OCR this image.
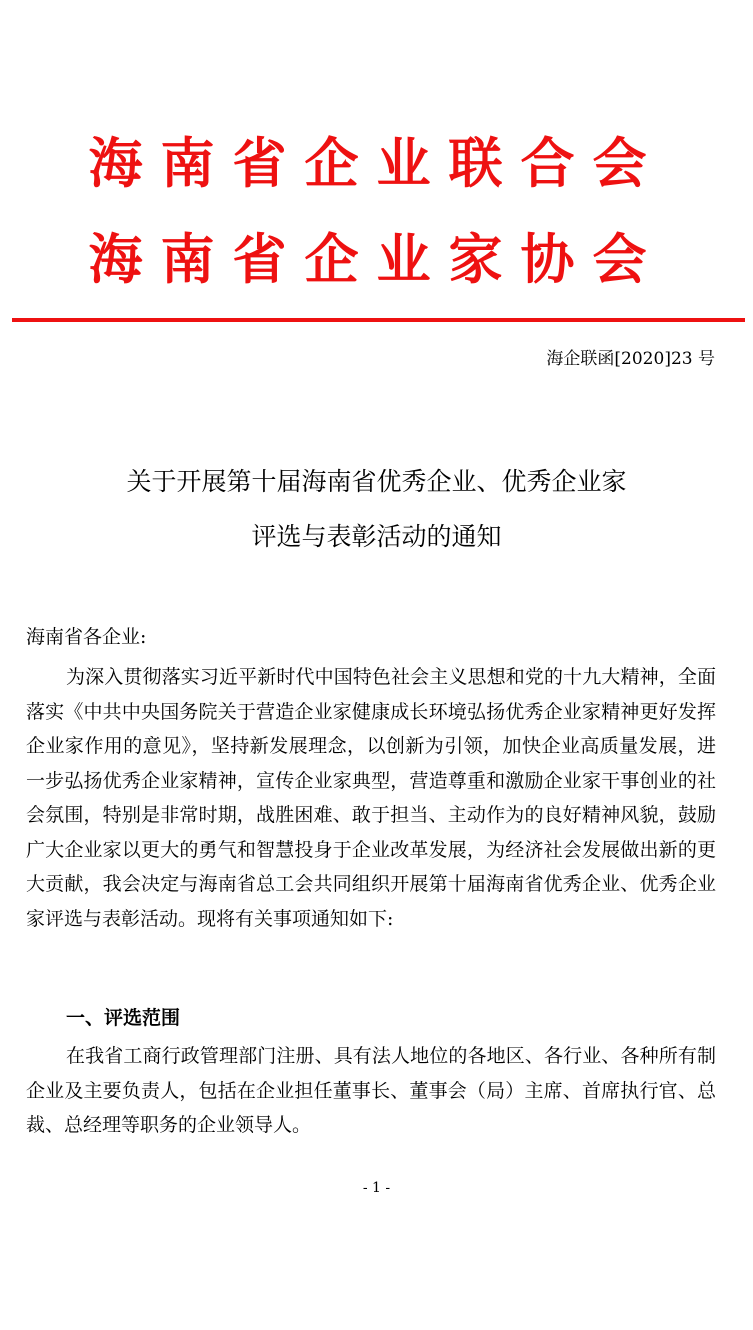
海南省企业联合会
海南省企业家协会
海企联函[2020]23 号
关于开展第十届海南省优秀企业、优秀企业家
评选与表彰活动的通知
海南省各企业:
为深入贯彻落实习近平新时代中国特色社会主义思想和党的十九大精神，全面落实《中共中央国务院关于营造企业家健康成长环境弘扬优秀企业家精神更好发挥企业家作用的意见》，坚持新发展理念，以创新为引领，加快企业高质量发展，进一步弘扬优秀企业家精神，宣传企业家典型，营造尊重和激励企业家干事创业的社会氛围，特别是非常时期，战胜困难、敢于担当、主动作为的良好精神风貌，鼓励广大企业家以更大的勇气和智慧投身于企业改革发展，为经济社会发展做出新的更大贡献，我会决定与海南省总工会共同组织开展第十届海南省优秀企业、优秀企业家评选与表彰活动。现将有关事项通知如下:
一、评选范围
在我省工商行政管理部门注册、具有法人地位的各地区、各行业、各种所有制企业及主要负责人，包括在企业担任董事长、董事会（局）主席、首席执行官、总裁、总经理等职务的企业领导人。
- 1 -
